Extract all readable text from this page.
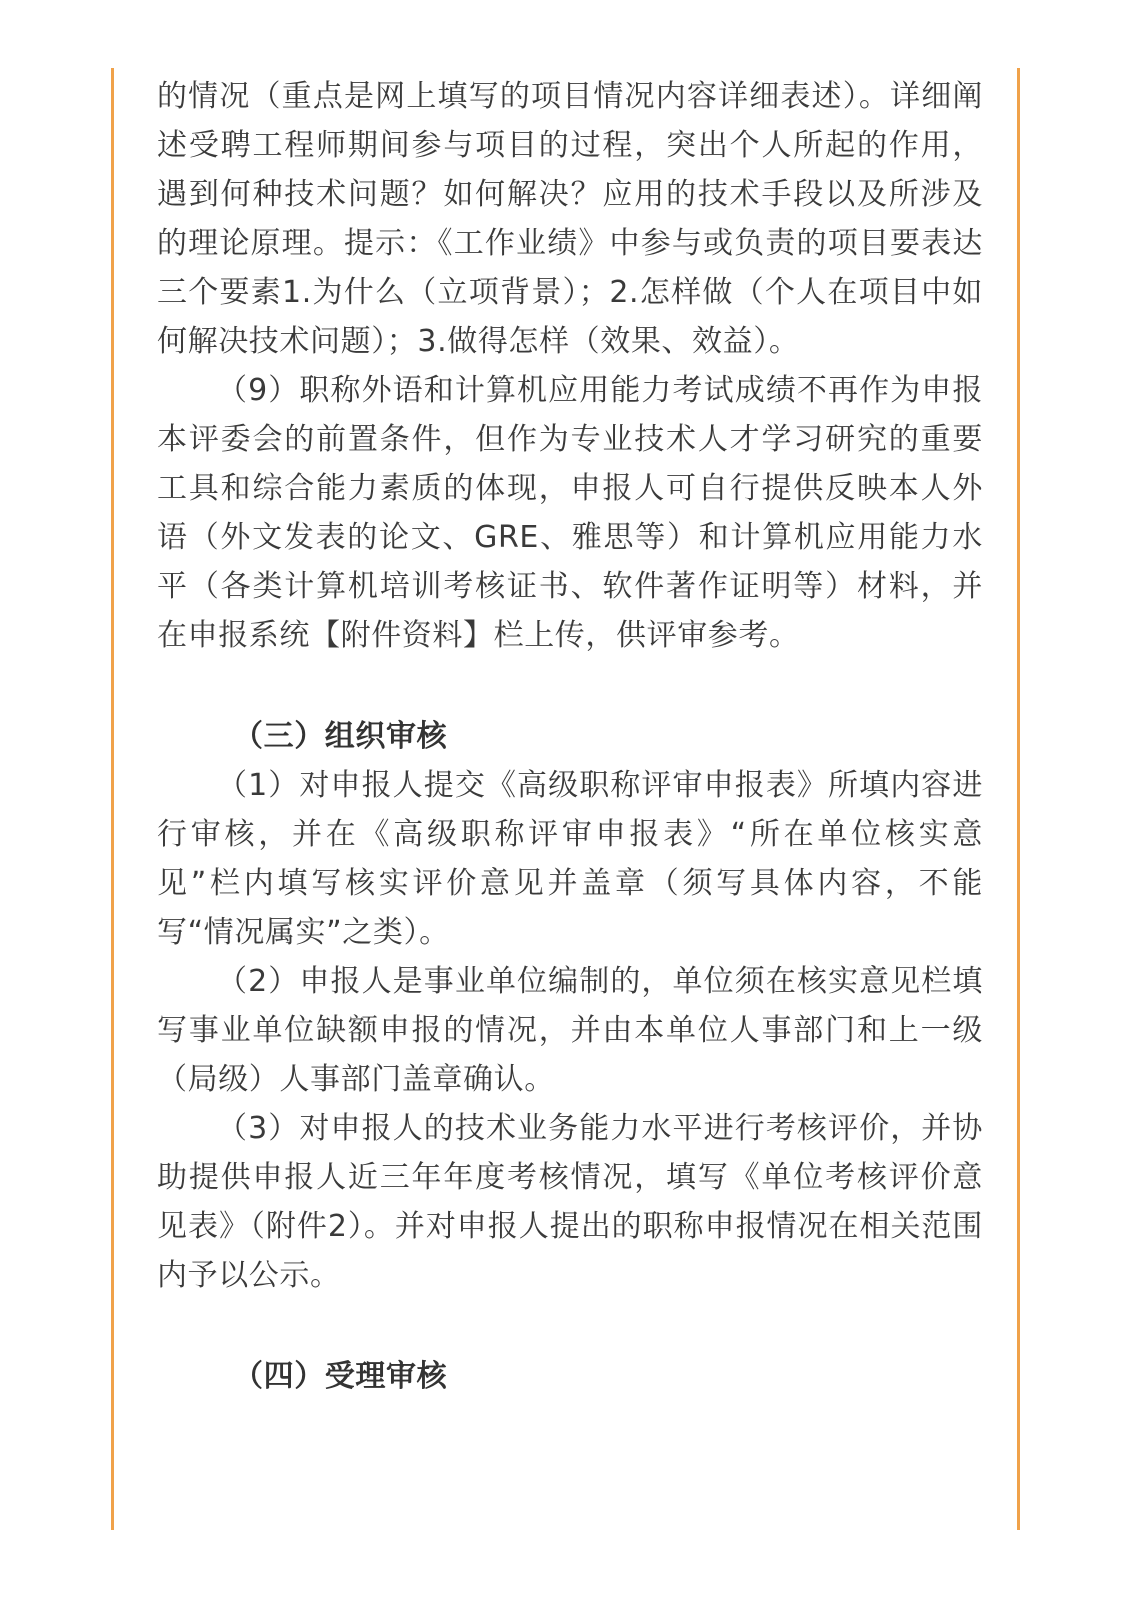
的情况（重点是网上填写的项目情况内容详细表述）。详细阐述受聘工程师期间参与项目的过程，突出个人所起的作用，遇到何种技术问题？如何解决？应用的技术手段以及所涉及的理论原理。提示：《工作业绩》中参与或负责的项目要表达三个要素1.为什么（立项背景）；2.怎样做（个人在项目中如何解决技术问题）；3.做得怎样（效果、效益）。

（9）职称外语和计算机应用能力考试成绩不再作为申报本评委会的前置条件，但作为专业技术人才学习研究的重要工具和综合能力素质的体现，申报人可自行提供反映本人外语（外文发表的论文、GRE、雅思等）和计算机应用能力水平（各类计算机培训考核证书、软件著作证明等）材料，并在申报系统【附件资料】栏上传，供评审参考。

（三）组织审核

（1）对申报人提交《高级职称评审申报表》所填内容进行审核，并在《高级职称评审申报表》“所在单位核实意见”栏内填写核实评价意见并盖章（须写具体内容，不能写“情况属实”之类）。

（2）申报人是事业单位编制的，单位须在核实意见栏填写事业单位缺额申报的情况，并由本单位人事部门和上一级（局级）人事部门盖章确认。

（3）对申报人的技术业务能力水平进行考核评价，并协助提供申报人近三年年度考核情况，填写《单位考核评价意见表》（附件2）。并对申报人提出的职称申报情况在相关范围内予以公示。

（四）受理审核
